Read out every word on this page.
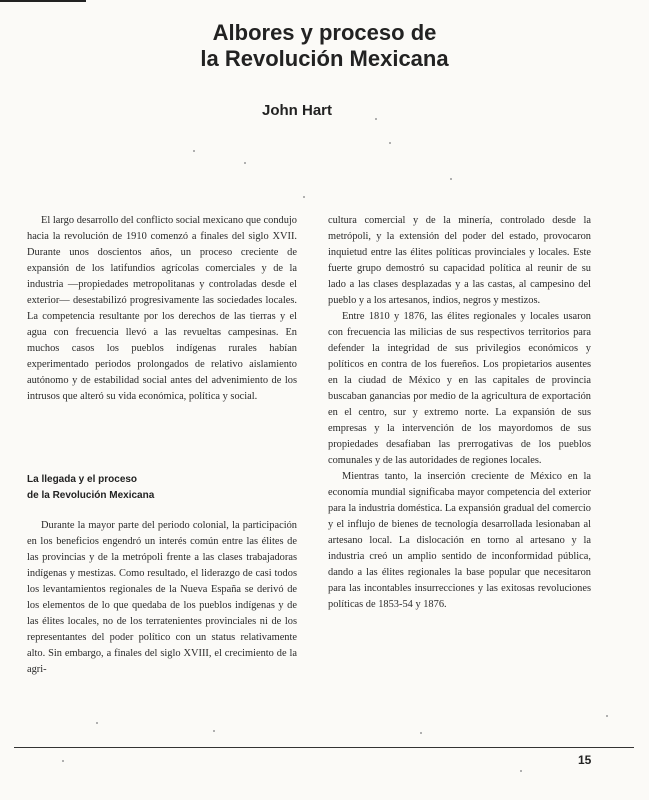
Albores y proceso de
la Revolución Mexicana
John Hart

El largo desarrollo del conflicto social mexicano que condujo hacia la revolución de 1910 comenzó a finales del siglo XVII. Durante unos doscientos años, un proceso creciente de expansión de los latifundios agrícolas comerciales y de la industria —propiedades metropolitanas y controladas desde el exterior— desestabilizó progresivamente las sociedades locales. La competencia resultante por los derechos de las tierras y el agua con frecuencia llevó a las revueltas campesinas. En muchos casos los pueblos indígenas rurales habían experimentado periodos prolongados de relativo aislamiento autónomo y de estabilidad social antes del advenimiento de los intrusos que alteró su vida económica, política y social.

La llegada y el proceso
de la Revolución Mexicana

Durante la mayor parte del periodo colonial, la participación en los beneficios engendró un interés común entre las élites de las provincias y de la metrópoli frente a las clases trabajadoras indígenas y mestizas. Como resultado, el liderazgo de casi todos los levantamientos regionales de la Nueva España se derivó de los elementos de lo que quedaba de los pueblos indígenas y de las élites locales, no de los terratenientes provinciales ni de los representantes del poder político con un status relativamente alto. Sin embargo, a finales del siglo XVIII, el crecimiento de la agri-

cultura comercial y de la minería, controlado desde la metrópoli, y la extensión del poder del estado, provocaron inquietud entre las élites políticas provinciales y locales. Este fuerte grupo demostró su capacidad política al reunir de su lado a las clases desplazadas y a las castas, al campesino del pueblo y a los artesanos, indios, negros y mestizos.

Entre 1810 y 1876, las élites regionales y locales usaron con frecuencia las milicias de sus respectivos territorios para defender la integridad de sus privilegios económicos y políticos en contra de los fuereños. Los propietarios ausentes en la ciudad de México y en las capitales de provincia buscaban ganancias por medio de la agricultura de exportación en el centro, sur y extremo norte. La expansión de sus empresas y la intervención de los mayordomos de sus propiedades desafiaban las prerrogativas de los pueblos comunales y de las autoridades de regiones locales.

Mientras tanto, la inserción creciente de México en la economía mundial significaba mayor competencia del exterior para la industria doméstica. La expansión gradual del comercio y el influjo de bienes de tecnología desarrollada lesionaban al artesano local. La dislocación en torno al artesano y la industria creó un amplio sentido de inconformidad pública, dando a las élites regionales la base popular que necesitaron para las incontables insurrecciones y las exitosas revoluciones políticas de 1853-54 y 1876.

15
